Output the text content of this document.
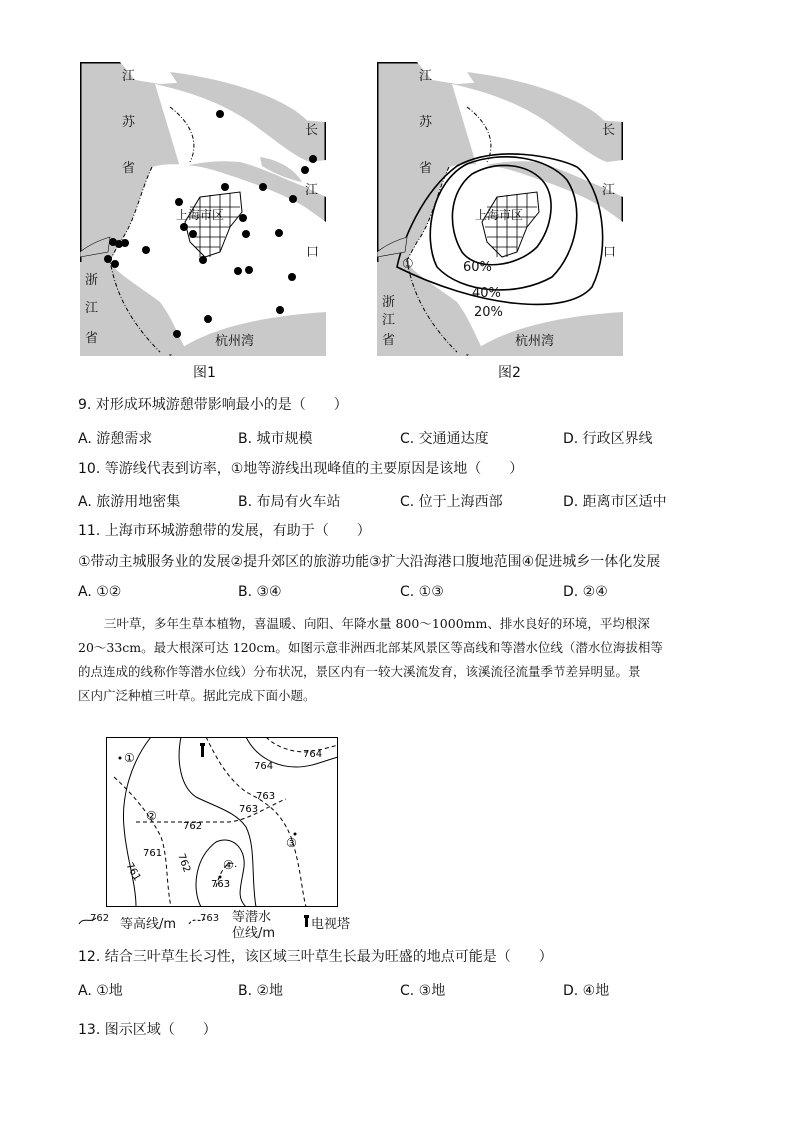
江
苏
省
长
江
口
浙
江
省
上海市区
杭州湾
图1
江
苏
省
长
江
口
浙
江
省
上海市区
杭州湾
①	60%
40%
20%
图2
9. 对形成环城游憩带影响最小的是（　　）
A. 游憩需求	B. 城市规模	C. 交通通达度	D. 行政区界线
10. 等游线代表到访率，①地等游线出现峰值的主要原因是该地（　　）
A. 旅游用地密集	B. 布局有火车站	C. 位于上海西部	D. 距离市区适中
11. 上海市环城游憩带的发展，有助于（　　）
①带动主城服务业的发展②提升郊区的旅游功能③扩大沿海港口腹地范围④促进城乡一体化发展
A. ①②	B. ③④	C. ①③	D. ②④
三叶草，多年生草本植物，喜温暖、向阳、年降水量 800～1000mm、排水良好的环境，平均根深
20～33cm。最大根深可达 120cm。如图示意非洲西北部某风景区等高线和等潜水位线（潜水位海拔相等
的点连成的线称作等潜水位线）分布状况，景区内有一较大溪流发育，该溪流径流量季节差异明显。景
区内广泛种植三叶草。据此完成下面小题。
①
②
③
④
764
764
763
763
762
762
761
761
763
762 等高线/m 763 等潜水
位线/m
电视塔
12. 结合三叶草生长习性，该区域三叶草生长最为旺盛的地点可能是（　　）
A. ①地	B. ②地	C. ③地	D. ④地
13. 图示区域（　　）
